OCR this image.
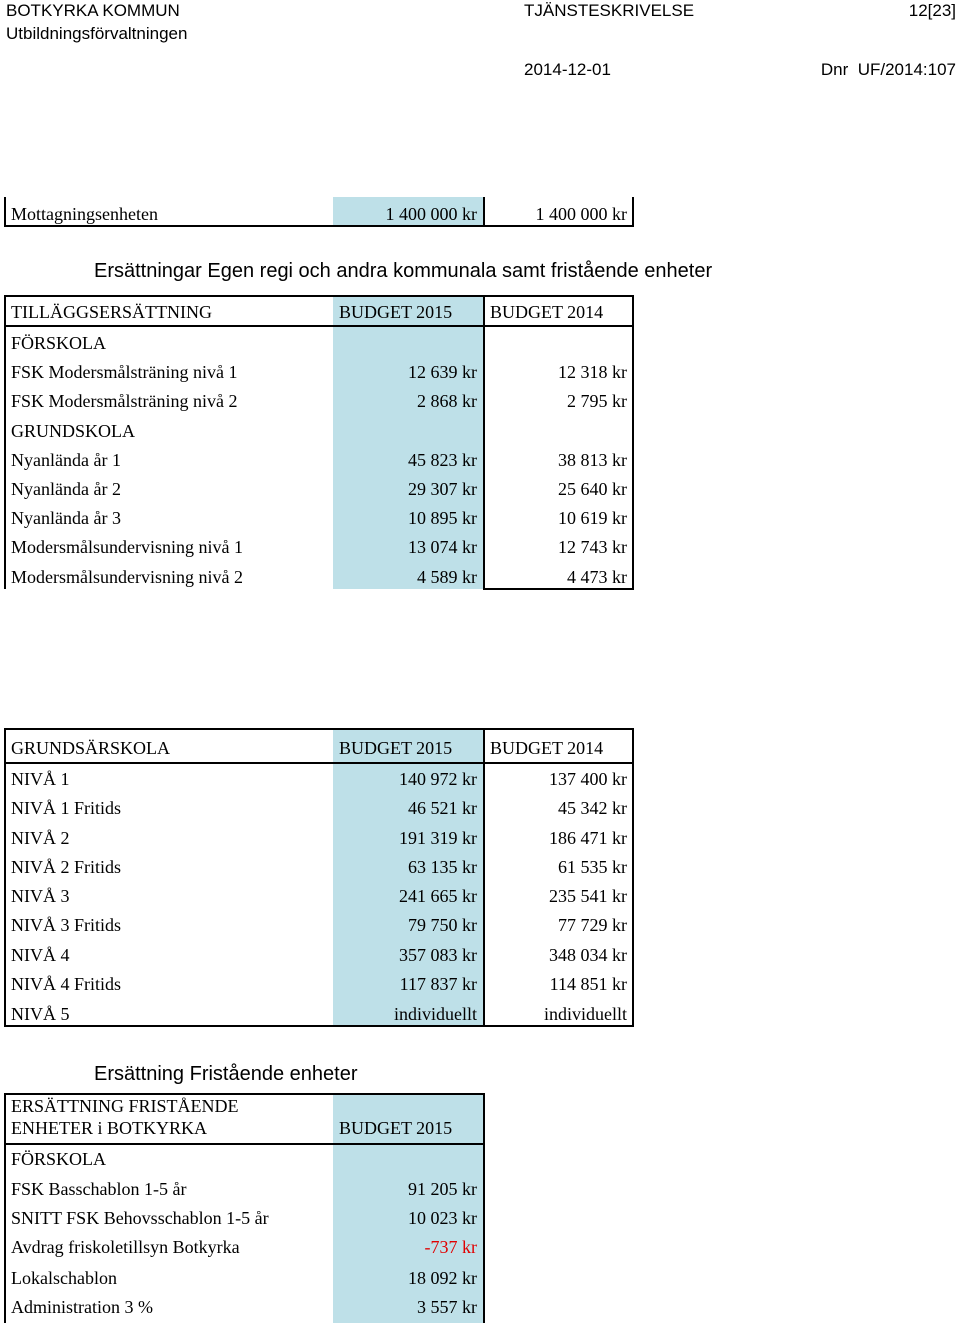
BOTKYRKA KOMMUN
Utbildningsförvaltningen
TJÄNSTESKRIVELSE	12[23]
2014-12-01	Dnr  UF/2014:107
Mottagningsenheten	1 400 000 kr	1 400 000 kr
Ersättningar Egen regi och andra kommunala samt fristående enheter
TILLÄGGSERSÄTTNING	BUDGET 2015 BUDGET 2014
FÖRSKOLA
FSK Modersmålsträning nivå 1	12 639 kr	12 318 kr
FSK Modersmålsträning nivå 2	2 868 kr	2 795 kr
GRUNDSKOLA
Nyanlända år 1	45 823 kr	38 813 kr
Nyanlända år 2	29 307 kr	25 640 kr
Nyanlända år 3	10 895 kr	10 619 kr
Modersmålsundervisning nivå 1	13 074 kr	12 743 kr
Modersmålsundervisning nivå 2	4 589 kr	4 473 kr
GRUNDSÄRSKOLA	BUDGET 2015 BUDGET 2014
NIVÅ 1	140 972 kr	137 400 kr
NIVÅ 1 Fritids	46 521 kr	45 342 kr
NIVÅ 2	191 319 kr	186 471 kr
NIVÅ 2 Fritids	63 135 kr	61 535 kr
NIVÅ 3	241 665 kr	235 541 kr
NIVÅ 3 Fritids	79 750 kr	77 729 kr
NIVÅ 4	357 083 kr	348 034 kr
NIVÅ 4 Fritids	117 837 kr	114 851 kr
NIVÅ 5	individuellt	individuellt
Ersättning Fristående enheter
ERSÄTTNING FRISTÅENDE
ENHETER i BOTKYRKA	BUDGET 2015
FÖRSKOLA
FSK Basschablon 1-5 år	91 205 kr
SNITT FSK Behovsschablon 1-5 år	10 023 kr
Avdrag friskoletillsyn Botkyrka	-737 kr
Lokalschablon	18 092 kr
Administration 3 %	3 557 kr
